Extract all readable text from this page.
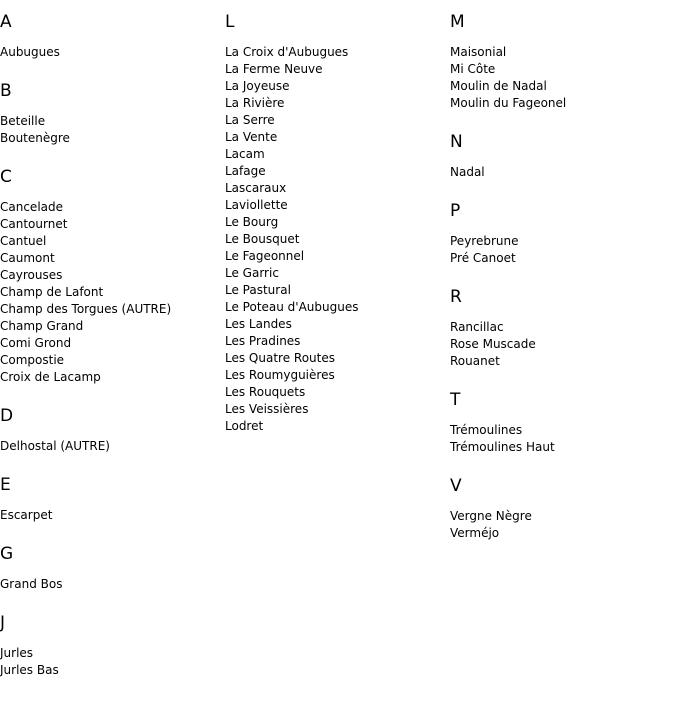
A
Aubugues
B
Beteille
Boutenègre
C
Cancelade
Cantournet
Cantuel
Caumont
Cayrouses
Champ de Lafont
Champ des Torgues (AUTRE)
Champ Grand
Comi Grond
Compostie
Croix de Lacamp
D
Delhostal (AUTRE)
E
Escarpet
G
Grand Bos
J
Jurles
Jurles Bas
L
La Croix d'Aubugues
La Ferme Neuve
La Joyeuse
La Rivière
La Serre
La Vente
Lacam
Lafage
Lascaraux
Laviollette
Le Bourg
Le Bousquet
Le Fageonnel
Le Garric
Le Pastural
Le Poteau d'Aubugues
Les Landes
Les Pradines
Les Quatre Routes
Les Roumyguières
Les Rouquets
Les Veissières
Lodret
M
Maisonial
Mi Côte
Moulin de Nadal
Moulin du Fageonel
N
Nadal
P
Peyrebrune
Pré Canoet
R
Rancillac
Rose Muscade
Rouanet
T
Trémoulines
Trémoulines Haut
V
Vergne Nègre
Verméjo
